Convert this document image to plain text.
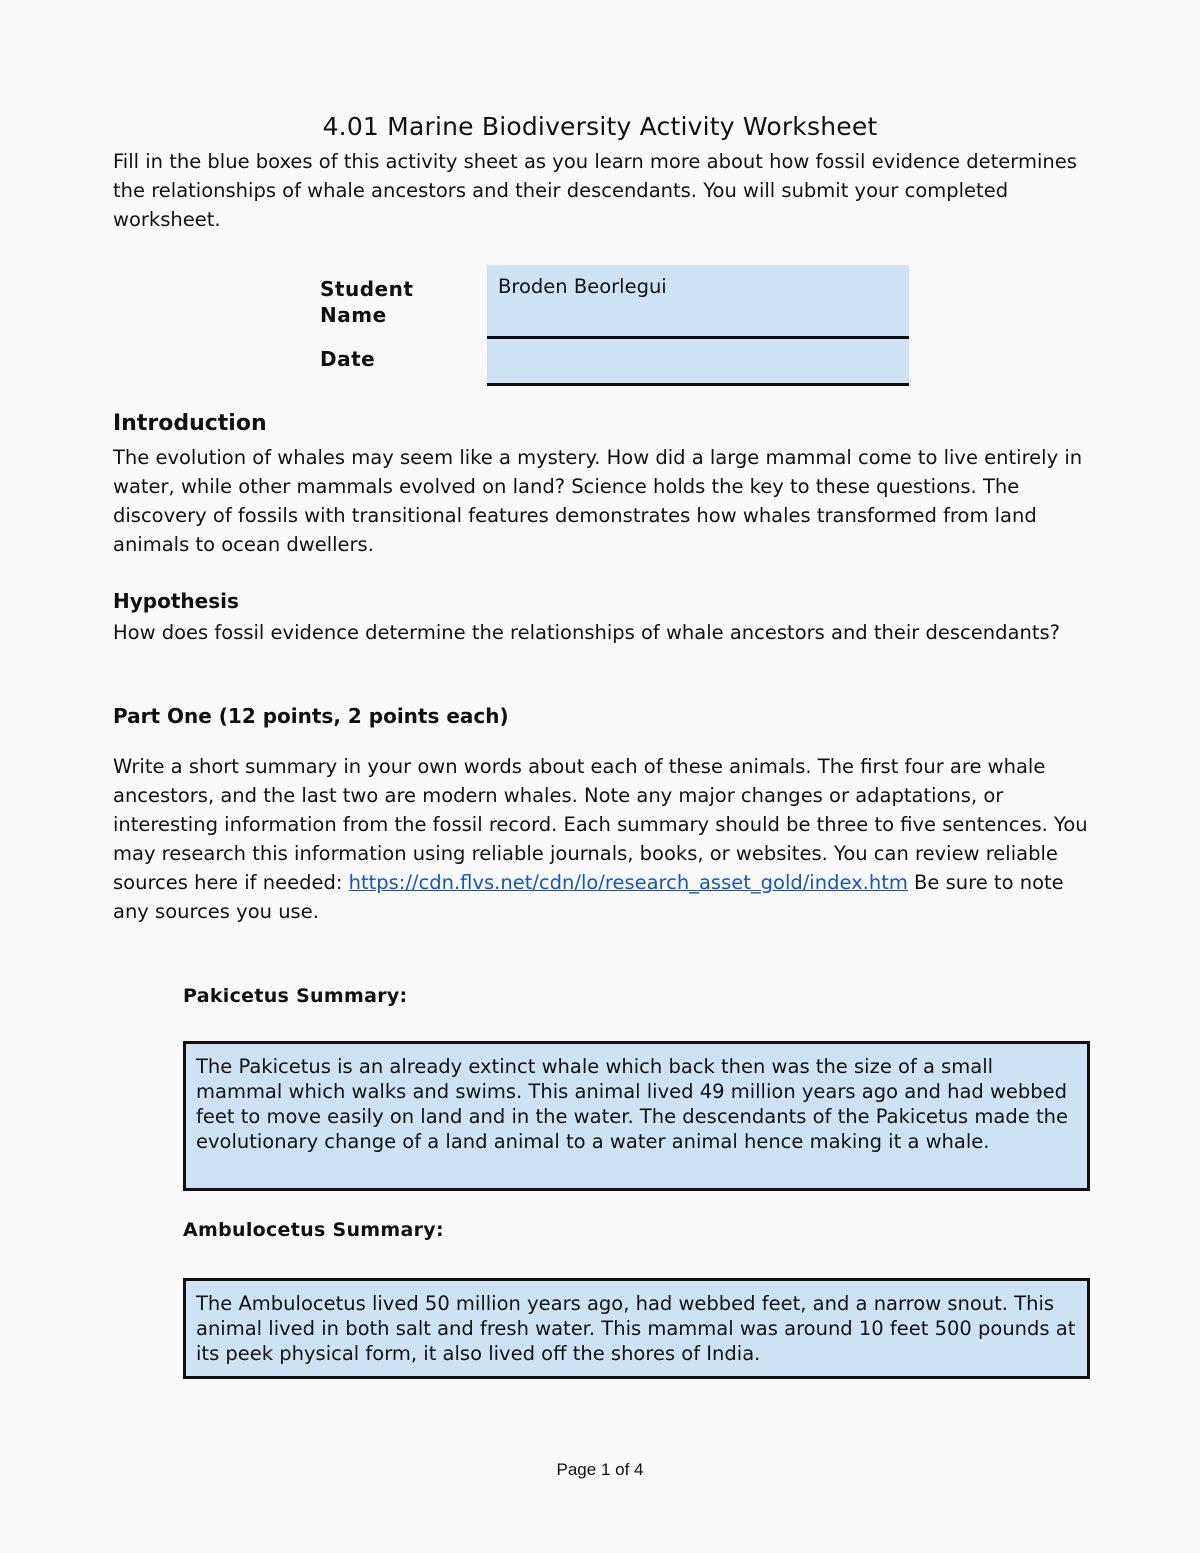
4.01 Marine Biodiversity Activity Worksheet
Fill in the blue boxes of this activity sheet as you learn more about how fossil evidence determines the relationships of whale ancestors and their descendants. You will submit your completed worksheet.
Student Name
Broden Beorlegui
Date
Introduction
The evolution of whales may seem like a mystery. How did a large mammal come to live entirely in water, while other mammals evolved on land? Science holds the key to these questions. The discovery of fossils with transitional features demonstrates how whales transformed from land animals to ocean dwellers.
Hypothesis
How does fossil evidence determine the relationships of whale ancestors and their descendants?
Part One (12 points, 2 points each)
Write a short summary in your own words about each of these animals. The first four are whale ancestors, and the last two are modern whales. Note any major changes or adaptations, or interesting information from the fossil record. Each summary should be three to five sentences. You may research this information using reliable journals, books, or websites. You can review reliable sources here if needed: https://cdn.flvs.net/cdn/lo/research_asset_gold/index.htm Be sure to note any sources you use.
Pakicetus Summary:
The Pakicetus is an already extinct whale which back then was the size of a small mammal which walks and swims. This animal lived 49 million years ago and had webbed feet to move easily on land and in the water. The descendants of the Pakicetus made the evolutionary change of a land animal to a water animal hence making it a whale.
Ambulocetus Summary:
The Ambulocetus lived 50 million years ago, had webbed feet, and a narrow snout. This animal lived in both salt and fresh water. This mammal was around 10 feet 500 pounds at its peek physical form, it also lived off the shores of India.
Page 1 of 4
